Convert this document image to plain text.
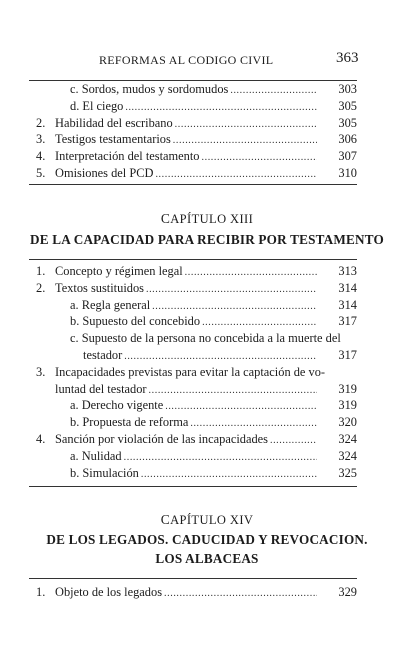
REFORMAS AL CODIGO CIVIL	363
c. Sordos, mudos y sordomudos .....	303
d. El ciego .....	305
2. Habilidad del escribano .....	305
3. Testigos testamentarios .....	306
4. Interpretación del testamento .....	307
5. Omisiones del PCD .....	310
CAPÍTULO XIII
DE LA CAPACIDAD PARA RECIBIR POR TESTAMENTO
1. Concepto y régimen legal .....	313
2. Textos sustituidos .....	314
a. Regla general .....	314
b. Supuesto del concebido .....	317
c. Supuesto de la persona no concebida a la muerte del
testador .....	317
3. Incapacidades previstas para evitar la captación de vo-
luntad del testador .....	319
a. Derecho vigente .....	319
b. Propuesta de reforma .....	320
4. Sanción por violación de las incapacidades .....	324
a. Nulidad .....	324
b. Simulación .....	325
CAPÍTULO XIV
DE LOS LEGADOS. CADUCIDAD Y REVOCACION.
LOS ALBACEAS
1. Objeto de los legados .....	329
